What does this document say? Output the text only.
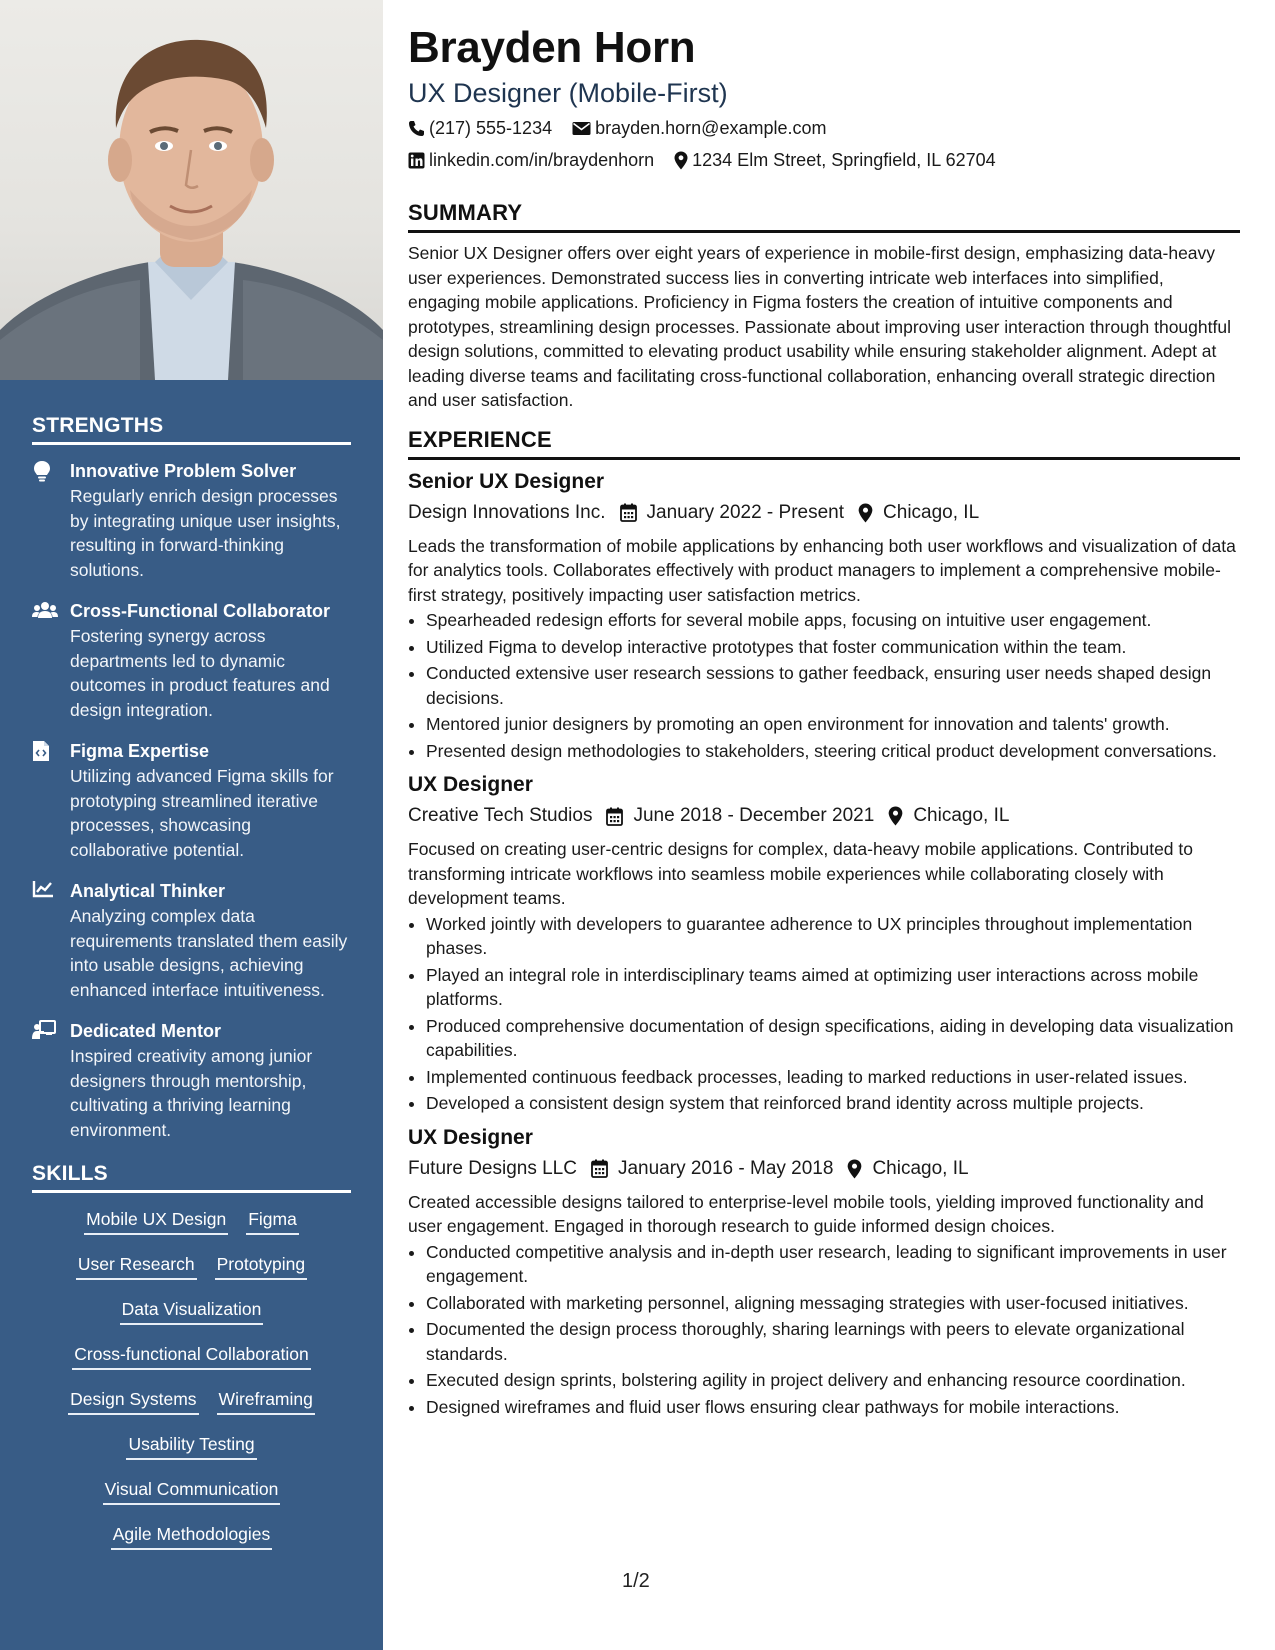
STRENGTHS
Innovative Problem Solver
Regularly enrich design processes by integrating unique user insights, resulting in forward-thinking solutions.
Cross-Functional Collaborator
Fostering synergy across departments led to dynamic outcomes in product features and design integration.
Figma Expertise
Utilizing advanced Figma skills for prototyping streamlined iterative processes, showcasing collaborative potential.
Analytical Thinker
Analyzing complex data requirements translated them easily into usable designs, achieving enhanced interface intuitiveness.
Dedicated Mentor
Inspired creativity among junior designers through mentorship, cultivating a thriving learning environment.
SKILLS
Mobile UX Design Figma
User Research Prototyping
Data Visualization
Cross-functional Collaboration
Design Systems Wireframing
Usability Testing
Visual Communication
Agile Methodologies
Brayden Horn
UX Designer (Mobile-First)
(217) 555-1234 brayden.horn@example.com
linkedin.com/in/braydenhorn 1234 Elm Street, Springfield, IL 62704
SUMMARY
Senior UX Designer offers over eight years of experience in mobile-first design, emphasizing data-heavy user experiences. Demonstrated success lies in converting intricate web interfaces into simplified, engaging mobile applications. Proficiency in Figma fosters the creation of intuitive components and prototypes, streamlining design processes. Passionate about improving user interaction through thoughtful design solutions, committed to elevating product usability while ensuring stakeholder alignment. Adept at leading diverse teams and facilitating cross-functional collaboration, enhancing overall strategic direction and user satisfaction.
EXPERIENCE
Senior UX Designer
Design Innovations Inc. January 2022 - Present Chicago, IL
Leads the transformation of mobile applications by enhancing both user workflows and visualization of data for analytics tools. Collaborates effectively with product managers to implement a comprehensive mobile-first strategy, positively impacting user satisfaction metrics.
• Spearheaded redesign efforts for several mobile apps, focusing on intuitive user engagement.
• Utilized Figma to develop interactive prototypes that foster communication within the team.
• Conducted extensive user research sessions to gather feedback, ensuring user needs shaped design decisions.
• Mentored junior designers by promoting an open environment for innovation and talents' growth.
• Presented design methodologies to stakeholders, steering critical product development conversations.
UX Designer
Creative Tech Studios June 2018 - December 2021 Chicago, IL
Focused on creating user-centric designs for complex, data-heavy mobile applications. Contributed to transforming intricate workflows into seamless mobile experiences while collaborating closely with development teams.
• Worked jointly with developers to guarantee adherence to UX principles throughout implementation phases.
• Played an integral role in interdisciplinary teams aimed at optimizing user interactions across mobile platforms.
• Produced comprehensive documentation of design specifications, aiding in developing data visualization capabilities.
• Implemented continuous feedback processes, leading to marked reductions in user-related issues.
• Developed a consistent design system that reinforced brand identity across multiple projects.
UX Designer
Future Designs LLC January 2016 - May 2018 Chicago, IL
Created accessible designs tailored to enterprise-level mobile tools, yielding improved functionality and user engagement. Engaged in thorough research to guide informed design choices.
• Conducted competitive analysis and in-depth user research, leading to significant improvements in user engagement.
• Collaborated with marketing personnel, aligning messaging strategies with user-focused initiatives.
• Documented the design process thoroughly, sharing learnings with peers to elevate organizational standards.
• Executed design sprints, bolstering agility in project delivery and enhancing resource coordination.
• Designed wireframes and fluid user flows ensuring clear pathways for mobile interactions.
1/2
